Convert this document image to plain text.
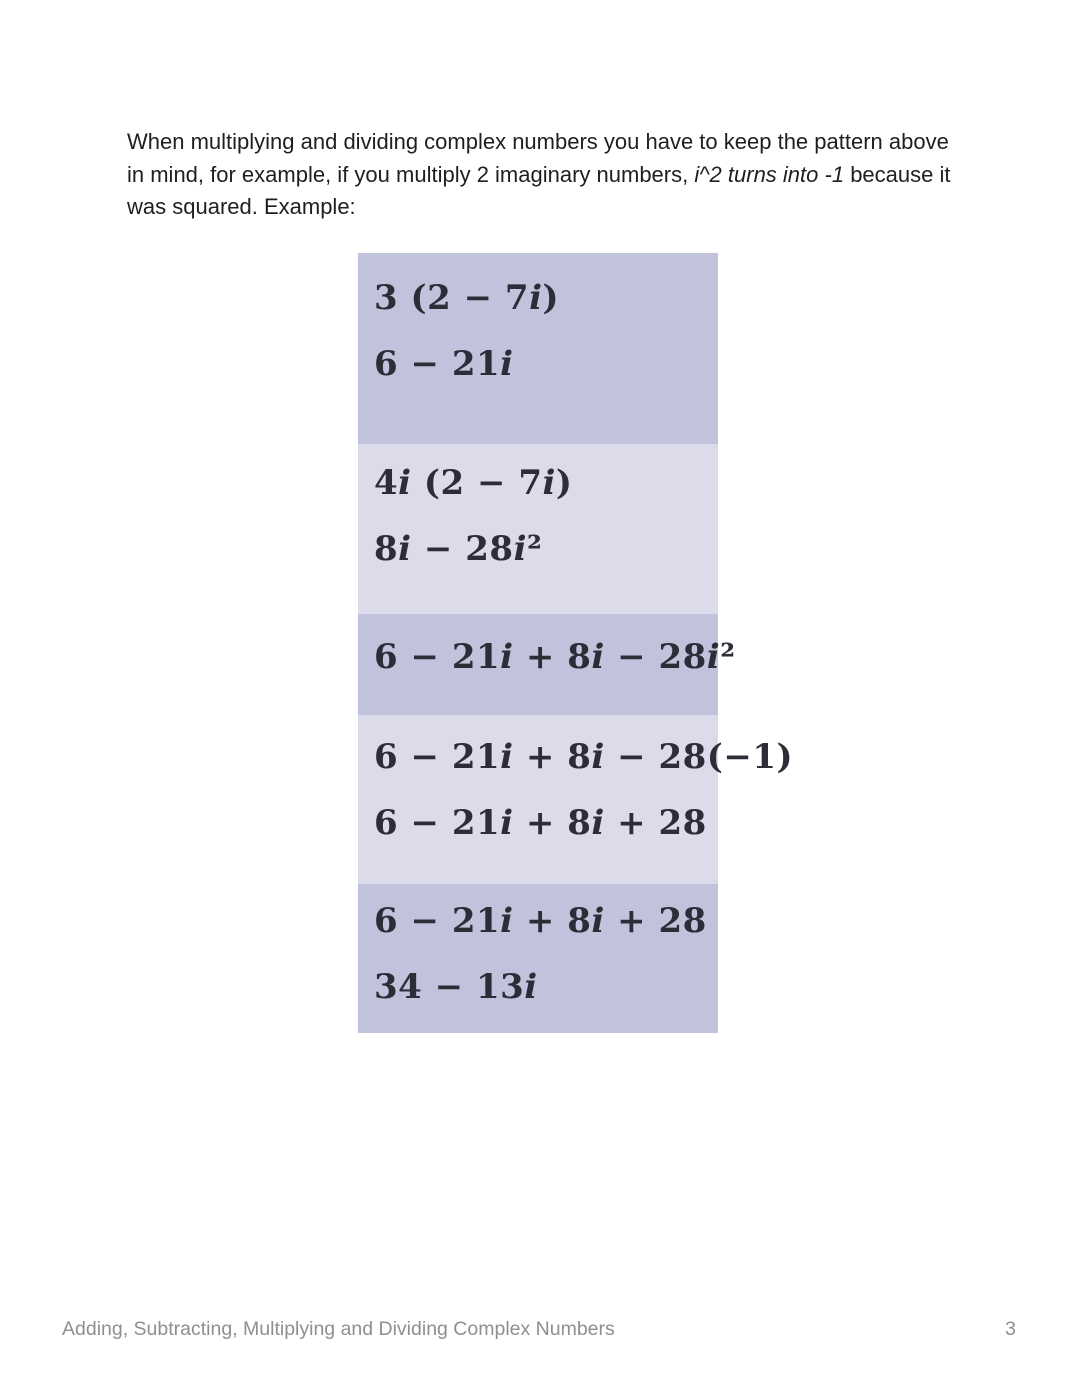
When multiplying and dividing complex numbers you have to keep the pattern above in mind, for example, if you multiply 2 imaginary numbers, i^2 turns into -1 because it was squared. Example:

3 (2 − 7 i )
6 − 21 i
4 i (2 − 7 i )
8 i − 28 i ²
6 − 21 i + 8 i − 28 i ²
6 − 21 i + 8 i − 28(−1)
6 − 21 i + 8 i + 28
6 − 21 i + 8 i + 28
34 − 13 i
Adding, Subtracting, Multiplying and Dividing Complex Numbers	3
